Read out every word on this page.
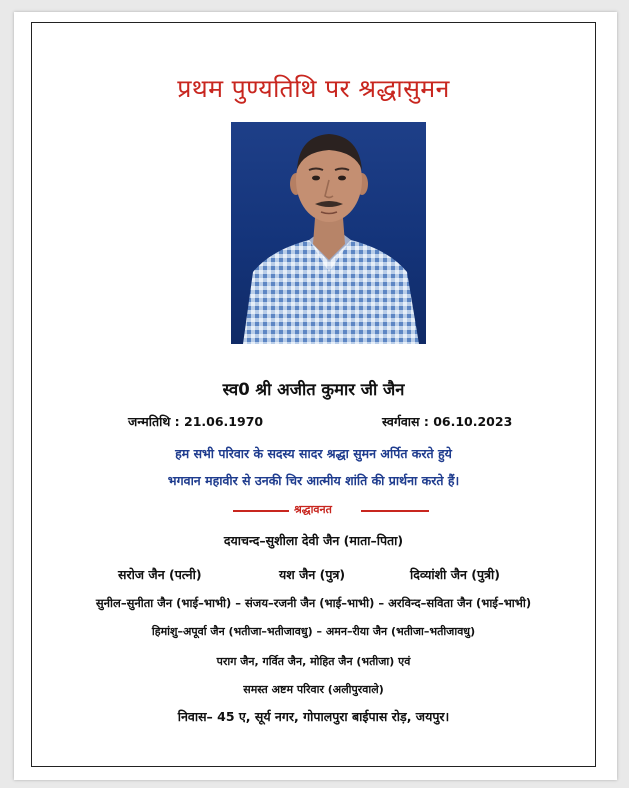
प्रथम पुण्यतिथि पर श्रद्धासुमन
स्व0 श्री अजीत कुमार जी जैन
जन्मतिथि : 21.06.1970	स्वर्गवास : 06.10.2023
हम सभी परिवार के सदस्य सादर श्रद्धा सुमन अर्पित करते हुये
भगवान महावीर से उनकी चिर आत्मीय शांति की प्रार्थना करते हैं।
श्रद्धावनत
दयाचन्द–सुशीला देवी जैन (माता–पिता)
सरोज जैन (पत्नी)	यश जैन (पुत्र)	दिव्यांशी जैन (पुत्री)
सुनील–सुनीता जैन (भाई–भाभी) – संजय–रजनी जैन (भाई–भाभी) – अरविन्द–सविता जैन (भाई–भाभी)
हिमांशु–अपूर्वा जैन (भतीजा–भतीजावधु) – अमन–रीया जैन (भतीजा–भतीजावधु)
पराग जैन, गर्वित जैन, मोहित जैन (भतीजा) एवं
समस्त अष्टम परिवार (अलीपुरवाले)
निवास– 45 ए, सूर्य नगर, गोपालपुरा बाईपास रोड़, जयपुर।
